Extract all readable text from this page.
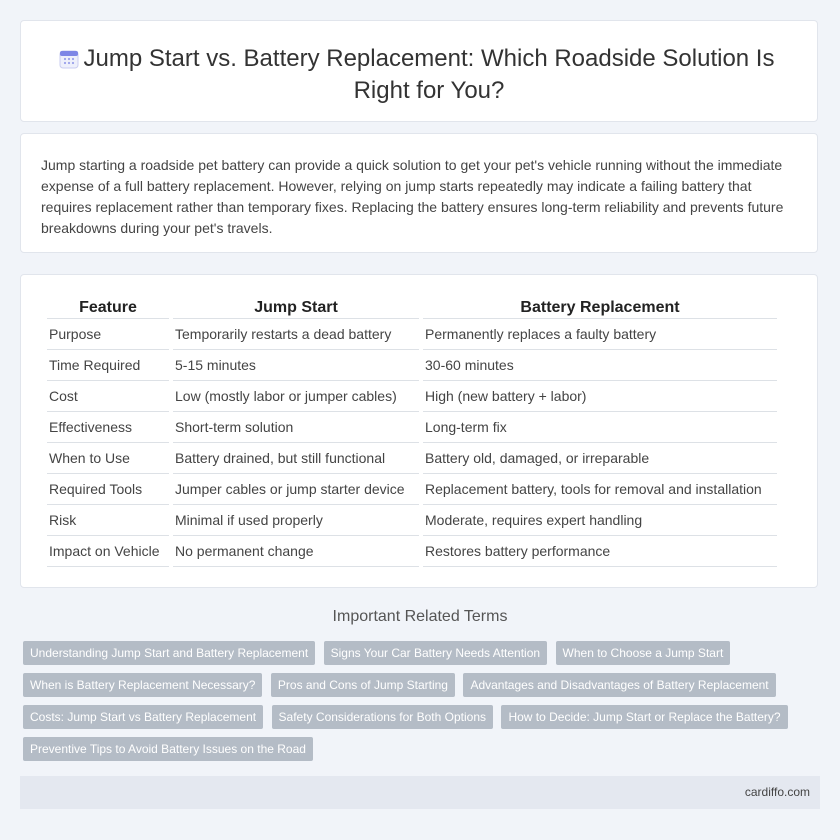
Jump Start vs. Battery Replacement: Which Roadside Solution Is Right for You?

Jump starting a roadside pet battery can provide a quick solution to get your pet's vehicle running without the immediate expense of a full battery replacement. However, relying on jump starts repeatedly may indicate a failing battery that requires replacement rather than temporary fixes. Replacing the battery ensures long-term reliability and prevents future breakdowns during your pet's travels.

Feature	Jump Start	Battery Replacement
Purpose	Temporarily restarts a dead battery	Permanently replaces a faulty battery
Time Required	5-15 minutes	30-60 minutes
Cost	Low (mostly labor or jumper cables)	High (new battery + labor)
Effectiveness	Short-term solution	Long-term fix
When to Use	Battery drained, but still functional	Battery old, damaged, or irreparable
Required Tools	Jumper cables or jump starter device	Replacement battery, tools for removal and installation
Risk	Minimal if used properly	Moderate, requires expert handling
Impact on Vehicle	No permanent change	Restores battery performance
Important Related Terms
Understanding Jump Start and Battery Replacement Signs Your Car Battery Needs Attention When to Choose a Jump Start When is Battery Replacement Necessary? Pros and Cons of Jump Starting Advantages and Disadvantages of Battery Replacement Costs: Jump Start vs Battery Replacement Safety Considerations for Both Options How to Decide: Jump Start or Replace the Battery? Preventive Tips to Avoid Battery Issues on the Road
cardiffo.com
